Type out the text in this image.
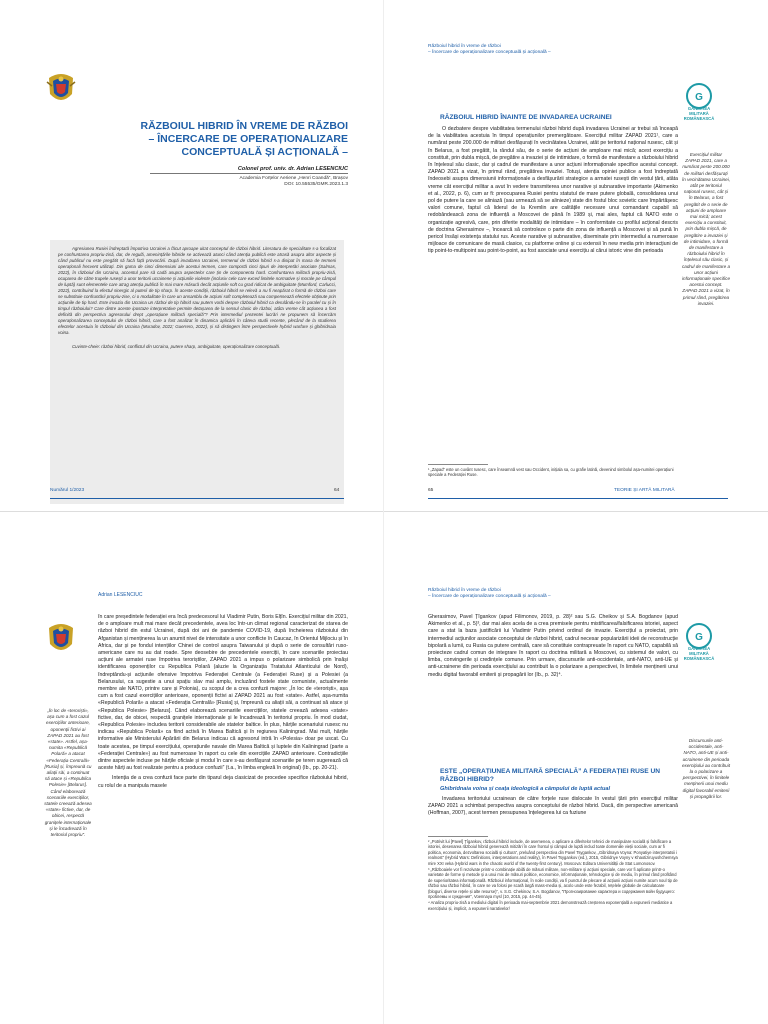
RĂZBOIUL HIBRID ÎN VREME DE RĂZBOI
– ÎNCERCARE DE OPERAȚIONALIZARE
CONCEPTUALĂ ȘI ACȚIONALĂ –
Colonel prof. univ. dr. Adrian LESENCIUC
Academia Forțelor Aeriene „Henri Coandă”, Brașov
DOI: 10.55535/GMR.2023.1.3

Agresiunea Rusiei îndreptată împotriva Ucrainei a făcut aproape uitat conceptul de război hibrid. Literatura de specialitate s-a focalizat pe confruntarea propriu-zisă, dar, de regulă, amenințările hibride se activează atunci când atenția publică este atrasă asupra altor aspecte și când publicul nu este pregătit să facă față provocării. După invadarea Ucrainei, termenul de război hibrid s-a disipat în masa de termeni operaționali frecvent utilizați. Din gama de cinci dimensiuni ale acestui termen, care comportă cinci tipuri de interpretări asociate (Salmas, 2022), în războiul din Ucraina, accentul pare să cadă asupra aspectelor care țin de componenta hard. Confruntarea militară propriu-zisă, ocuparea de către trupele rusești a unor teritorii ucrainene și acțiunile violente (inclusiv cele care exced limitele normative și morale pe câmpul de luptă) sunt elementele care atrag atenția publică în mai mare măsură decât acțiunile soft cu grad ridicat de ambiguitate (Mumford, Carlucci, 2022), contribuind la efectul sinergic al puterii de tip sharp. În aceste condiții, războiul hibrid se relevă a nu fi neapărat o formă de război care se substituie confruntării propriu-zise, ci o modalitate în care un ansamblu de acțiuni soft completează sau compensează efectele obținute prin acțiunile de tip hard. Este invazia din Ucraina un război de tip hibrid sau putem vorbi despre războiul hibrid ca derulându-se în paralel cu și în timpul războiului? Care dintre aceste ipostaze interpretative permite detașarea de la sensul clasic de război, atâta vreme cât acțiunea a fost definită din perspectiva agresorului drept „operațiune militară specială”? Prin intermediul prezentei lucrări ne propunem să încercăm operaționalizarea conceptului de război hibrid, care a fost analizat în dinamica aplicării în câteva studii recente, plecând de la studierea efectelor acestuia în războiul din Ucraina (Muradov, 2022; Guerrero, 2022), și să distingem între perspectivele hybrid warfare și ghibridnaia voina.

Cuvinte-cheie: război hibrid, conflictul din Ucraina, putere sharp, ambiguitate, operaționalizare conceptuală.

Numărul 1/2023	64
Războiul hibrid în vreme de război
– Încercare de operaționalizare conceptuală și acțională –
G
GÂNDIREA MILITARĂ ROMÂNEASCĂ
RĂZBOIUL HIBRID ÎNAINTE DE INVADAREA UCRAINEI

O dezbatere despre viabilitatea termenului război hibrid după invadarea Ucrainei ar trebui să înceapă de la viabilitatea acestuia în timpul operațiunilor premergătoare. Exercițiul militar ZAPAD 2021¹, care a numărat peste 200.000 de militari desfășurați în vecinătatea Ucrainei, atât pe teritoriul național rusesc, cât și în Belarus, a fost pregătit, la rândul său, de o serie de acțiuni de amploare mai mică; acest exercițiu a constituit, prin dubla mișcă, de pregătire a invaziei și de intimidare, o formă de manifestare a războiului hibrid în înțelesul său clasic, dar și cadrul de manifestare a unor acțiuni informaționale specifice acestui concept. ZAPAD 2021 a vizat, în primul rând, pregătirea invaziei. Totuși, atenția opiniei publice a fost îndreptată îndeosebi asupra dimensiunii informaționale a desfășurării strategice a armatei rusești din vestul țării, atâta vreme cât exercițiul militar a avut în vedere transmiterea unor narative și subnarative importante (Akimenko et al., 2022, p. 6), cum ar fi: preocuparea Rusiei pentru statutul de mare putere globală, consolidarea unui pol de putere la care se aliniază (sau urmează să se alinieze) state din fostul bloc sovietic care împărtășesc valori comune, faptul că liderul de la Kremlin are calitățile necesare unui comandant capabil să redobândească zona de influență a Moscovei de până în 1989 și, mai ales, faptul că NATO este o organizație agresivă, care, prin diferite modalități de intimidare – în conformitate cu profilul acțional descris de doctrina Gherasimov –, încearcă să controleze o parte din zona de influență a Moscovei și să pună în pericol însăși existența statului rus. Aceste narative și subnarative, diseminate prin intermediul a numeroase mijloace de comunicare de masă clasice, cu platforme online și cu extensii în new media prin interacțiuni de tip point-to-multipoint sau point-to-point, au fost asociate unui exercițiu al cărui istoric vine din perioada

Exercițiul militar ZAPAD 2021, care a numărat peste 200.000 de militari desfășurați în vecinătatea Ucrainei, atât pe teritoriul național rusesc, cât și în Belarus, a fost pregătit de o serie de acțiuni de amploare mai mică; acest exercițiu a constituit, prin dubla mișcă, de pregătire a invaziei și de intimidare, o formă de manifestare a războiului hibrid în înțelesul său clasic, și cadrul de manifestare a unor acțiuni informaționale specifice acestui concept. ZAPAD 2021 a vizat, în primul rând, pregătirea invaziei.
¹ „Zapad” este un cuvânt rusesc, care înseamnă vest sau Occident, inițiala sa, cu grafie latină, devenind simbolul așa-numitei operațiuni speciale a Federației Ruse.
65	TEORIE ȘI ARTĂ MILITARĂ
Adrian LESENCIUC
„În loc de «teroriști», așa cum a fost cazul exercițiilor anterioare, oponenții fictivi ai ZAPAD 2021 au fost «state». Astfel, așa-numita «Republică Polară» a atacat «Federația Centrală» [Rusia] și, împreună cu aliații săi, a continuat să atace și «Republica Polesie» [Belarus]. Când elaborează scenariile exercițiilor, statele creează adesea «state» fictive, dar, de obicei, respectă granițele internaționale și le încadrează în teritoriul propriu”.

în care președintele federației era încă predecesorul lui Vladimir Putin, Boris Elțîn. Exercițiul militar din 2021, de o amploare mult mai mare decât precedentele, avea loc într-un climat regional caracterizat de starea de război hibrid din estul Ucrainei, după doi ani de pandemie COVID-19, după încheierea războiului din Afganistan și menținerea la un anumit nivel de intensitate a unor conflicte în Caucaz, în Orientul Mijlociu și în Africa, dar și pe fondul intențiilor Chinei de control asupra Taiwanului și după o serie de consultări ruso-americane care nu au dat roade. Spre deosebire de precedentele exerciții, în care scenariile proiectau acțiuni ale armatei ruse împotriva teroriștilor, ZAPAD 2021 a impus o polarizare simbolică prin însăși identificarea oponenților cu Republica Polară (aluzie la Organizația Tratatului Atlanticului de Nord), îndreptându-și acțiunile ofensive împotriva Federației Centrale (a Federației Ruse) și a Polesiei (a Belarusului, ca sugestie a unui spațiu slav mai amplu, incluzând fostele state comuniste, actualmente membre ale NATO, printre care și Polonia), cu scopul de a crea confuzii majore: „În loc de «teroriști», așa cum a fost cazul exercițiilor anterioare, oponenții fictivi ai ZAPAD 2021 au fost «state». Astfel, așa-numita «Republică Polară» a atacat «Federația Centrală» [Rusia] și, împreună cu aliații săi, a continuat să atace și «Republica Polesie» [Belarus]. Când elaborează scenariile exercițiilor, statele creează adesea «state» fictive, dar, de obicei, respectă granițele internaționale și le încadrează în teritoriul propriu. În mod ciudat, «Republica Polesie» includea teritorii considerabile ale statelor baltice. În plus, hărțile scenariului rusesc nu indicau «Republica Polară» ca fiind activă în Marea Baltică și în regiunea Kaliningrad. Mai mult, hărțile informative ale Ministerului Apărării din Belarus indicau că agresorul intră în «Polesia» doar pe uscat. Cu toate acestea, pe timpul exercițiului, operațiunile navale din Marea Baltică și luptele din Kaliningrad (parte a «Federației Centrale») au fost numeroase în raport cu cele din exercițiile ZAPAD anterioare. Contradicțiile dintre aspectele incluse pe hărțile oficiale și modul în care s-au desfășurat scenariile pe teren sugerează că aceste hărți au fost realizate pentru a produce confuzii” (t.a., în limba engleză în original) (Ib., pp. 20-21).

Intenția de a crea confuzii face parte din tiparul deja clasicizat de procedee specifice războiului hibrid, cu rolul de a manipula masele

Războiul hibrid în vreme de război
– Încercare de operaționalizare conceptuală și acțională –
G
GÂNDIREA MILITARĂ ROMÂNEASCĂ

Gherasimov, Pavel Țîgankov (apud Filimonov, 2019, p. 28)² sau S.G. Cheikov și S.A. Bogdanov (apud Akimenko et al., p. 5)³, dar mai ales acela de a crea premisele pentru mistificarea/falsificarea istoriei, aspect care a stat la baza justificării lui Vladimir Putin privind ordinul de invazie. Exercițiul a proiectat, prin intermediul acțiunilor asociate conceptului de război hibrid, cadrul necesar popularizării ideii de reconstrucție bipolară a lumii, cu Rusia ca putere centrală, care să constituie contrapreuate în raport cu NATO, capabilă să proiecteze cadrul comun de integrare în raport cu doctrina militară a Moscovei, cu sistemul de valori, cu limba, convingerile și credințele comune. Prin urmare, discursurile anti-occidentale, anti-NATO, anti-UE și anti-ucrainene din perioada exercițiului au contribuit la o polarizare a perspectivei, în limitele menținerii unui mediu digital favorabil emiterii și propagării lor (Ib., p. 32)⁴.

Discursurile anti-occidentale, anti-NATO, anti-UE și anti-ucrainene din perioada exercițiului au contribuit la o polarizare a perspectivei, în limitele menținerii unui mediu digital favorabil emiterii și propagării lor.
ESTE „OPERAȚIUNEA MILITARĂ SPECIALĂ” A FEDERAȚIEI RUSE UN RĂZBOI HIBRID?
Ghibridnaia voina și ceața ideologică a câmpului de luptă actual

Invadarea teritoriului ucrainean de către forțele ruse dislocate în vestul țării prin exercițiul militar ZAPAD 2021 a schimbat perspectiva asupra conceptului de război hibrid. Dacă, din perspective americană (Hoffman, 2007), acest termen presupunea înțelegerea lui ca fuziune

² „Potrivit lui [Pavel] Țîgankov, războiul hibrid include, de asemenea, o aplicare a diferitelor tehnici de manipulare socială și falsificare a istoriei, desenarea războiul hibrid generează mitizări în care frontul și câmpul de luptă includ toate domeniile vieții sociale, cum ar fi politica, economia, dezvoltarea socială și cultura”, preluând perspectiva din Pavel Tsygankov, „Gibridnaya Voyna: Ponyatiye interpretatsii i realnost” (Hybrid Wars: Definitions, interpretations and reality), în Pavel Tsygankov (ed.), 2015, Gibridnye Voyny v Khaotiziruyushchemsya mire XXI veka (Hybrid wars in the chaotic world of the twenty-first century). Moscova: Editura Universității de Stat Lomonosov.
³ „Războaiele vor fi rezolvate printr-o combinație abilă de măsuri militare, non-militare și acțiuni speciale, care vor fi aplicate printr-o varietate de forme și metode și a unui mix de măsuri politice, economice, informaționale, tehnologice și de mediu, în primul rând profitând de superioritatea informațională. Războiul informațional, în noile condiții, va fi punctul de plecare al acțiunii acțiuni numite acum noul tip de război sau război hibrid, în care se va folosi pe scară largă mass-media și, acolo unde este fezabil, rețelele globale de calculatoare (bloguri, diverse rețele și alte resurse)”, v. S.G. Chekinov, S.A. Bogdanov, "Прогнозирование характера и содержания войн будущего: проблемы и суждения", Voennaya mysl (10, 2015, pp. 44-45).
⁴ Analiza propriu-zisă a mediului digital în perioada mai-septembrie 2021 demonstrează creșterea exponențială a expunerii mediatice a exercițiului și, implicit, a expunerii narativelor/
